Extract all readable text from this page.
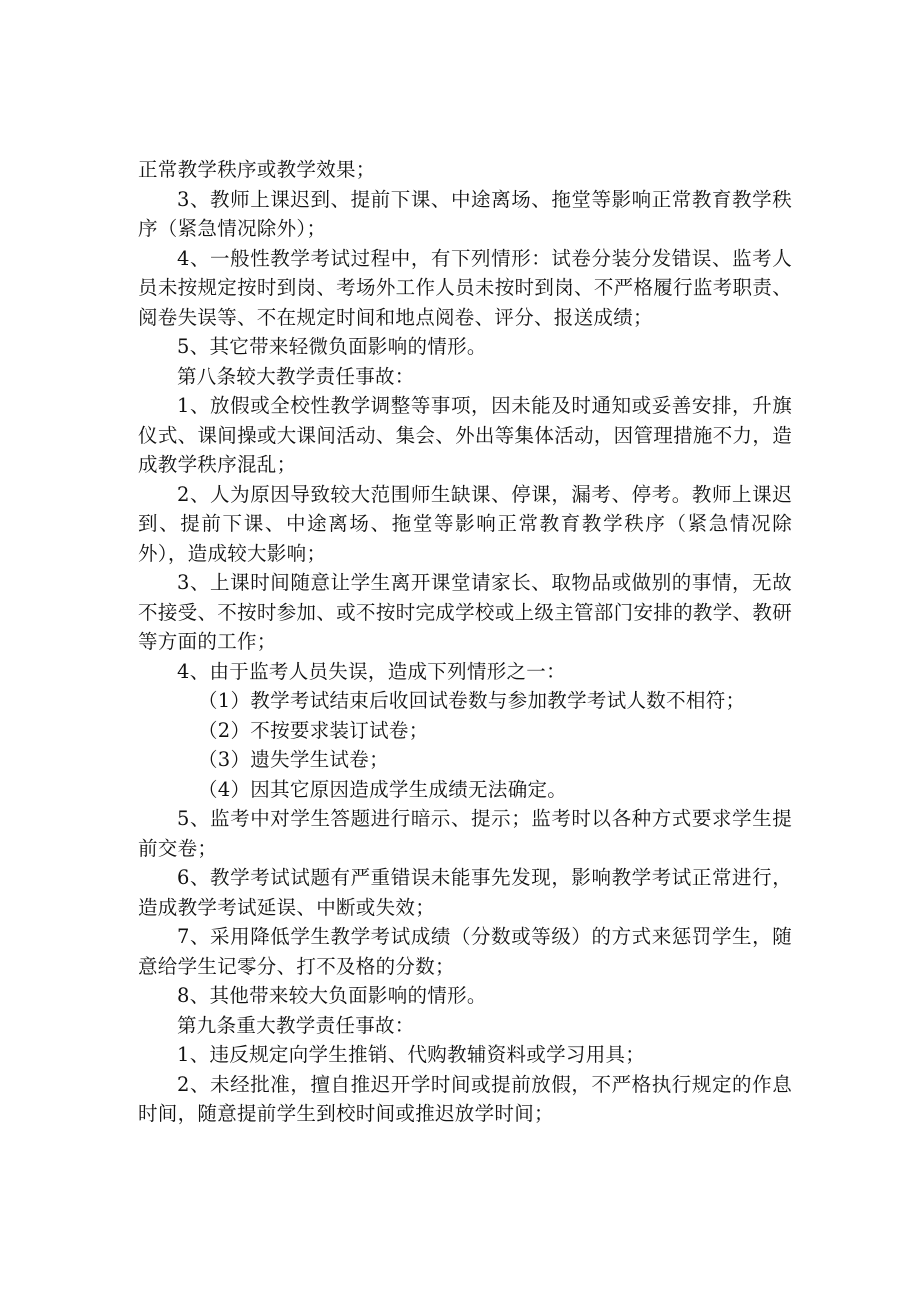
正常教学秩序或教学效果；

3、教师上课迟到、提前下课、中途离场、拖堂等影响正常教育教学秩序（紧急情况除外）；

4、一般性教学考试过程中，有下列情形：试卷分装分发错误、监考人员未按规定按时到岗、考场外工作人员未按时到岗、不严格履行监考职责、阅卷失误等、不在规定时间和地点阅卷、评分、报送成绩；

5、其它带来轻微负面影响的情形。

第八条较大教学责任事故：

1、放假或全校性教学调整等事项，因未能及时通知或妥善安排，升旗仪式、课间操或大课间活动、集会、外出等集体活动，因管理措施不力，造成教学秩序混乱；

2、人为原因导致较大范围师生缺课、停课，漏考、停考。教师上课迟到、提前下课、中途离场、拖堂等影响正常教育教学秩序（紧急情况除外），造成较大影响；

3、上课时间随意让学生离开课堂请家长、取物品或做别的事情，无故不接受、不按时参加、或不按时完成学校或上级主管部门安排的教学、教研等方面的工作；

4、由于监考人员失误，造成下列情形之一：

（1）教学考试结束后收回试卷数与参加教学考试人数不相符；

（2）不按要求装订试卷；

（3）遗失学生试卷；

（4）因其它原因造成学生成绩无法确定。

5、监考中对学生答题进行暗示、提示；监考时以各种方式要求学生提前交卷；

6、教学考试试题有严重错误未能事先发现，影响教学考试正常进行，造成教学考试延误、中断或失效；

7、采用降低学生教学考试成绩（分数或等级）的方式来惩罚学生，随意给学生记零分、打不及格的分数；

8、其他带来较大负面影响的情形。

第九条重大教学责任事故：

1、违反规定向学生推销、代购教辅资料或学习用具；

2、未经批准，擅自推迟开学时间或提前放假，不严格执行规定的作息时间，随意提前学生到校时间或推迟放学时间；
